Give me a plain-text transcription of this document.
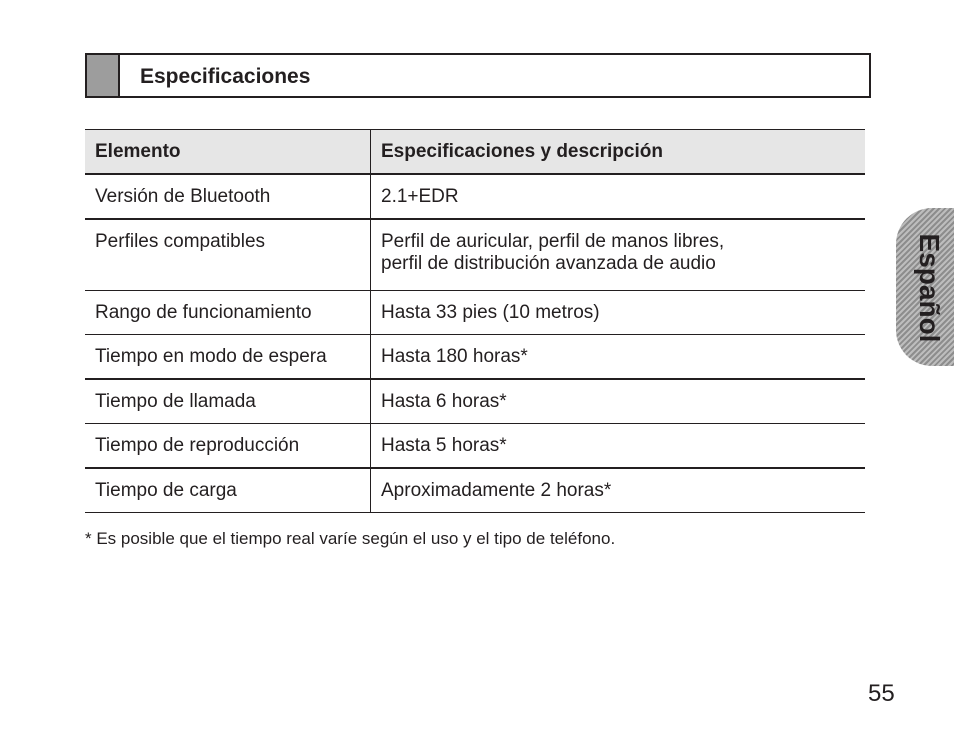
Especificaciones
Elemento	Especificaciones y descripción
Versión de Bluetooth	2.1+EDR
Perfiles compatibles	Perfil de auricular, perfil de manos libres,
perfil de distribución avanzada de audio

Rango de funcionamiento	Hasta 33 pies (10 metros)
Tiempo en modo de espera	Hasta 180 horas*
Tiempo de llamada	Hasta 6 horas*
Tiempo de reproducción	Hasta 5 horas*
Tiempo de carga	Aproximadamente 2 horas*
* Es posible que el tiempo real varíe según el uso y el tipo de teléfono.
Español
55
